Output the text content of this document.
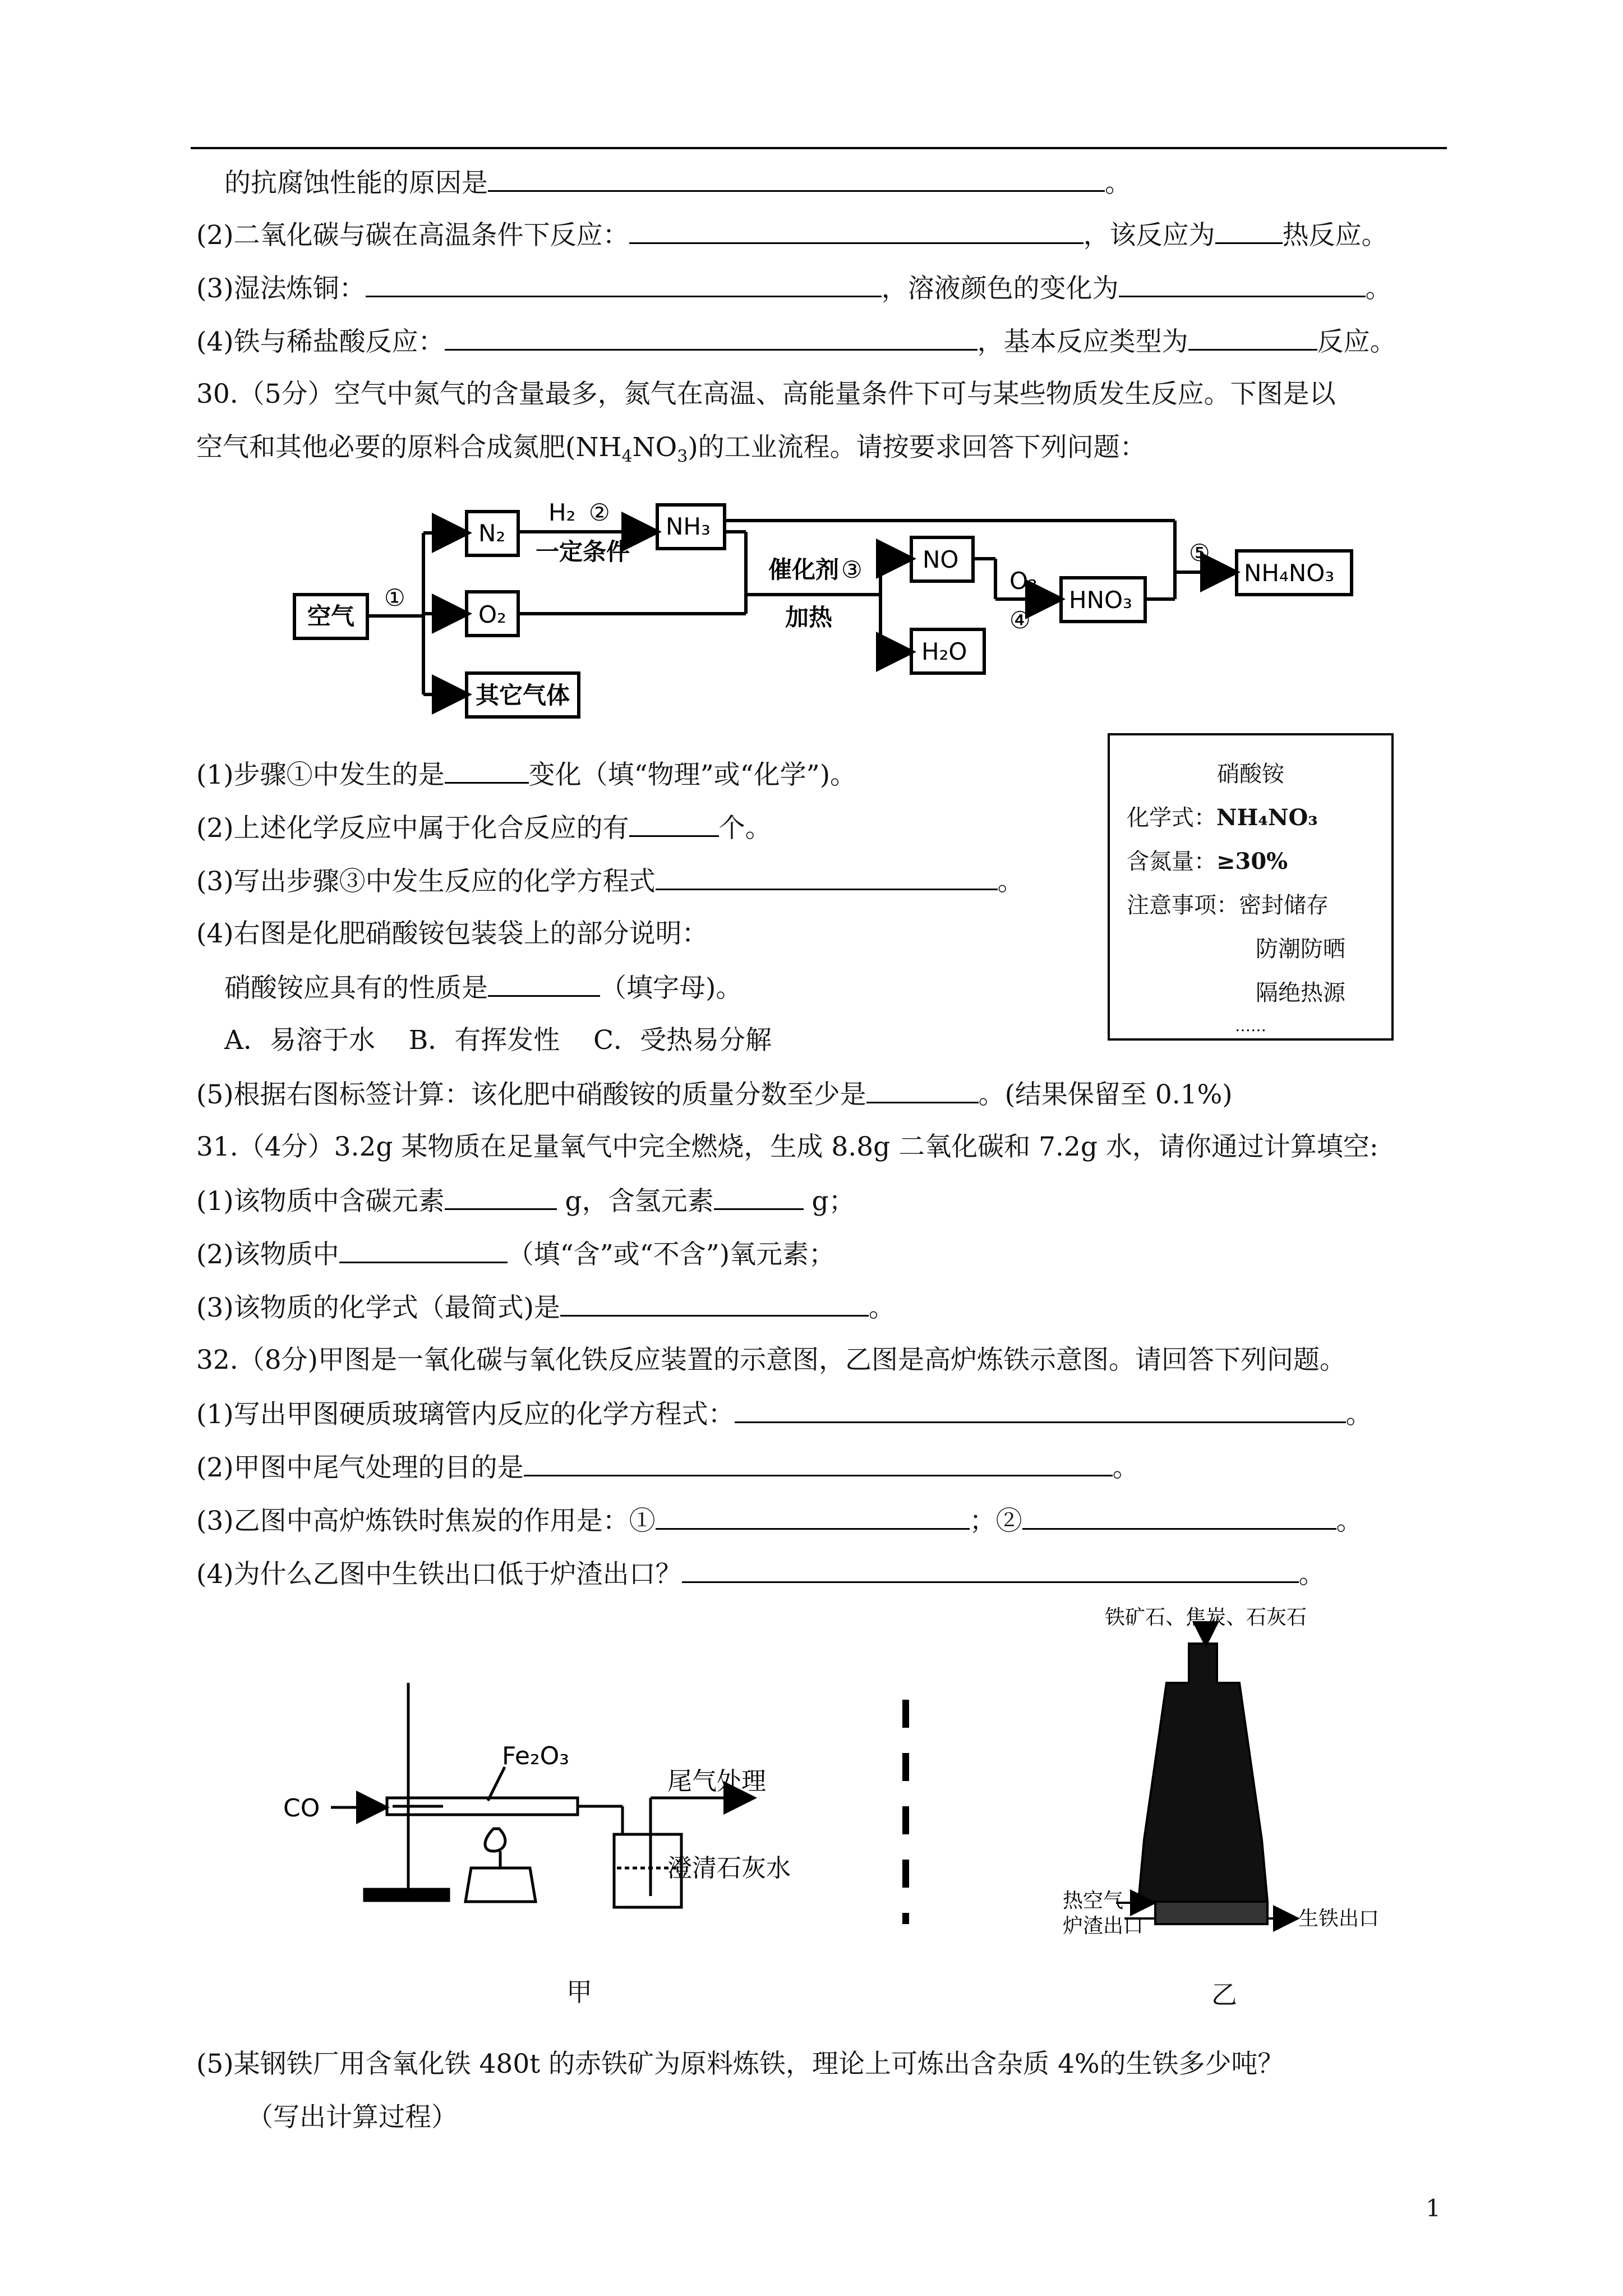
的抗腐蚀性能的原因是	。
(2)二氧化碳与碳在高温条件下反应：	，该反应为	热反应。
(3)湿法炼铜：	，溶液颜色的变化为	。
(4)铁与稀盐酸反应：	，基本反应类型为	反应。
30.（5分）空气中氮气的含量最多，氮气在高温、高能量条件下可与某些物质发生反应。下图是以
空气和其他必要的原料合成氮肥$(NH_4NO_3)$的工业流程。请按要求回答下列问题：
空气
①
N₂
O₂
其它气体
H₂ ②
一定条件
NH₃
催化剂 ③
加热
NO
H₂O
O₂
④
HNO₃
⑤
NH₄NO₃
(1)步骤①中发生的是	变化（填“物理”或“化学”)。
(2)上述化学反应中属于化合反应的有	个。
(3)写出步骤③中发生反应的化学方程式	。
(4)右图是化肥硝酸铵包装袋上的部分说明：
硝酸铵应具有的性质是	（填字母)。
A．易溶于水    B．有挥发性    C．受热易分解
硝酸铵
化学式：NH₄NO₃
含氮量：≥30%
注意事项：密封储存
防潮防晒
隔绝热源
……
(5)根据右图标签计算：该化肥中硝酸铵的质量分数至少是	。(结果保留至 0.1%)
31.（4分）3.2g 某物质在足量氧气中完全燃烧，生成 8.8g 二氧化碳和 7.2g 水，请你通过计算填空:
(1)该物质中含碳元素	g，含氢元素	g；
(2)该物质中	（填“含”或“不含”)氧元素；
(3)该物质的化学式（最简式)是	。
32.（8分)甲图是一氧化碳与氧化铁反应装置的示意图，乙图是高炉炼铁示意图。请回答下列问题。
(1)写出甲图硬质玻璃管内反应的化学方程式：	。
(2)甲图中尾气处理的目的是	。
(3)乙图中高炉炼铁时焦炭的作用是：①	；②	。
(4)为什么乙图中生铁出口低于炉渣出口？	。
CO
Fe₂O₃
尾气处理
澄清石灰水
铁矿石、焦炭、石灰石
热空气
炉渣出口	生铁出口
甲	乙
(5)某钢铁厂用含氧化铁 480t 的赤铁矿为原料炼铁，理论上可炼出含杂质 4%的生铁多少吨？
（写出计算过程）
1
